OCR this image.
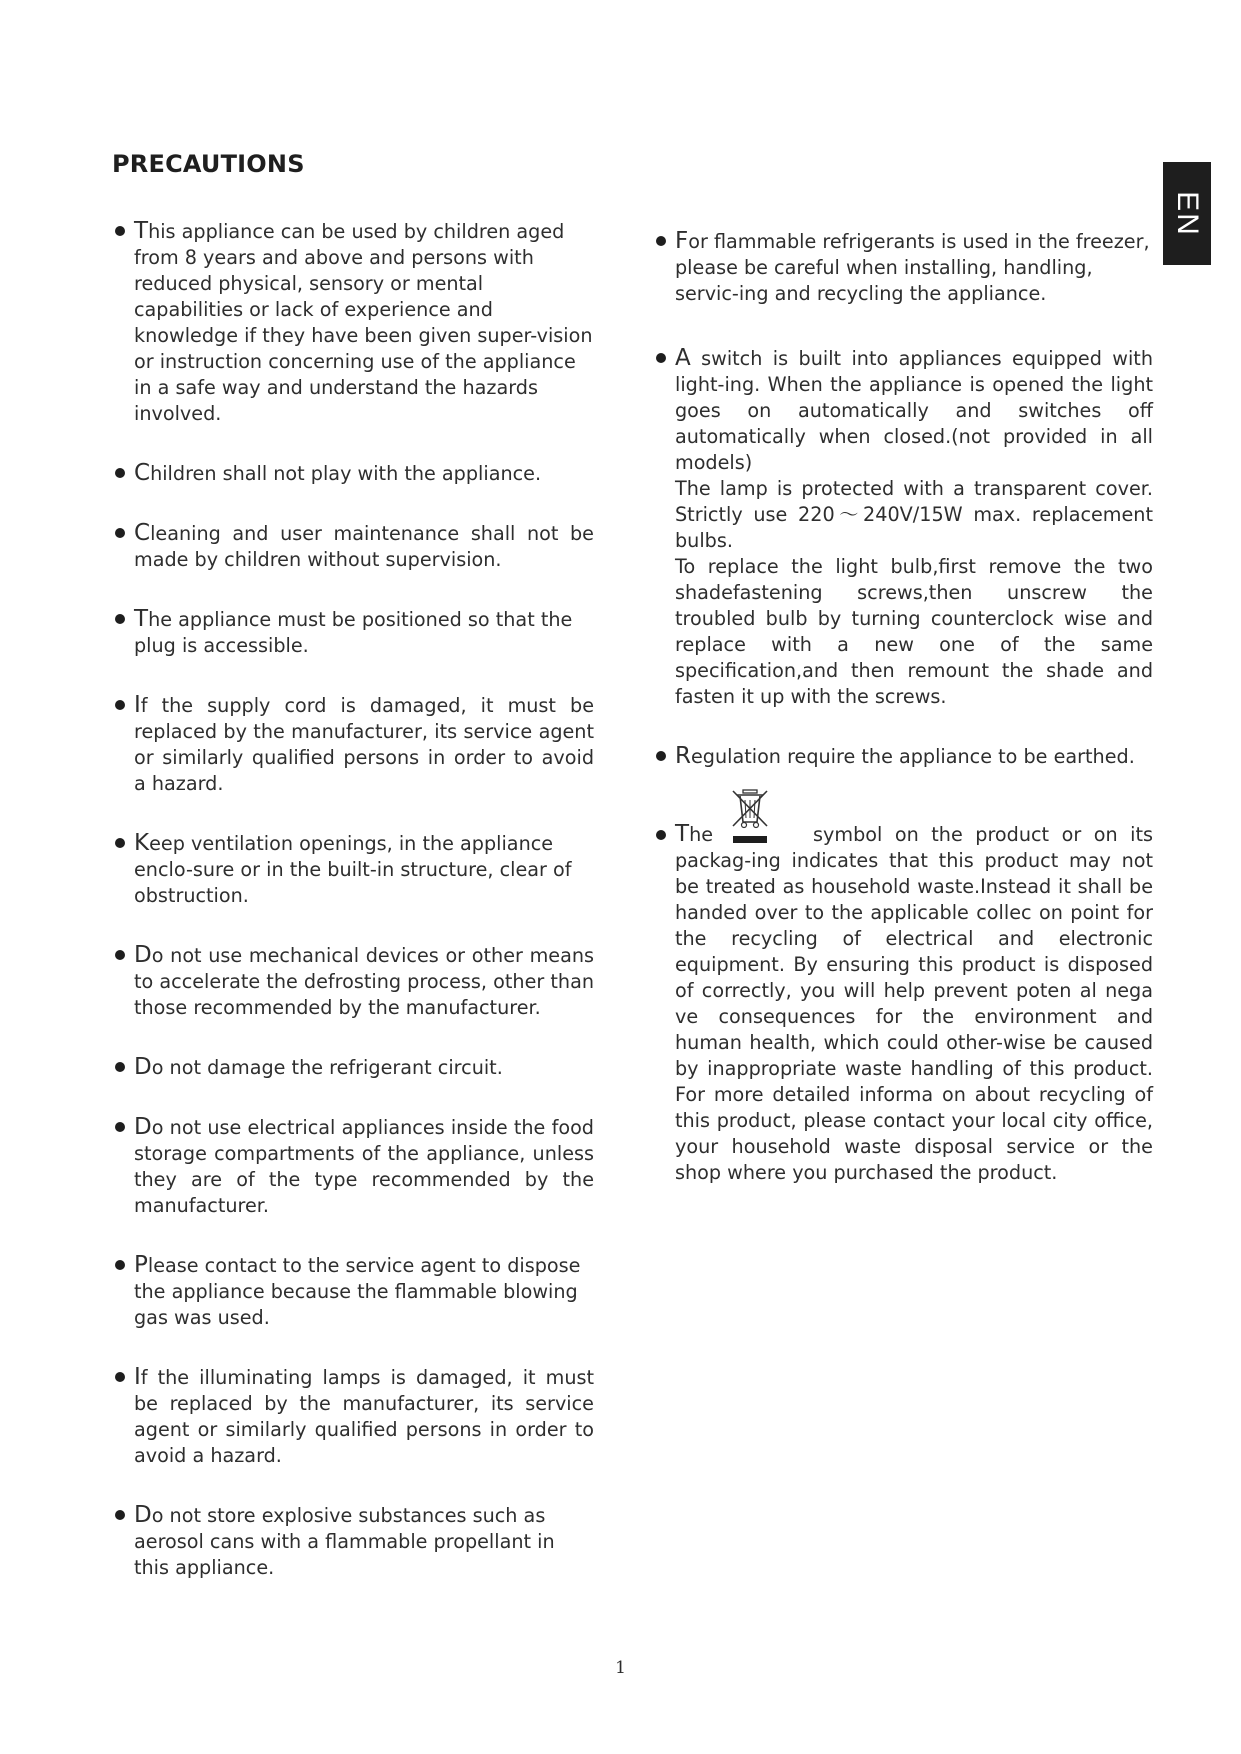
PRECAUTIONS
EN
This appliance can be used by children aged from 8 years and above and persons with reduced physical, sensory or mental capabilities or lack of experience and knowledge if they have been given super-vision or instruction concerning use of the appliance in a safe way and understand the hazards involved.
Children shall not play with the appliance.
Cleaning and user maintenance shall not be made by children without supervision.
The appliance must be positioned so that the plug is accessible.
If the supply cord is damaged, it must be replaced by the manufacturer, its service agent or similarly qualified persons in order to avoid a hazard.
Keep ventilation openings, in the appliance enclo-sure or in the built-in structure, clear of obstruction.
Do not use mechanical devices or other means to accelerate the defrosting process, other than those recommended by the manufacturer.
Do not damage the refrigerant circuit.
Do not use electrical appliances inside the food storage compartments of the appliance, unless they are of the type recommended by the manufacturer.
Please contact to the service agent to dispose the appliance because the flammable blowing gas was used.
If the illuminating lamps is damaged, it must be replaced by the manufacturer, its service agent or similarly qualified persons in order to avoid a hazard.
Do not store explosive substances such as aerosol cans with a flammable propellant in this appliance.
For flammable refrigerants is used in the freezer, please be careful when installing, handling, servic-ing and recycling the appliance.
A switch is built into appliances equipped with light-ing. When the appliance is opened the light goes on automatically and switches off automatically when closed.(not provided in all models)
The lamp is protected with a transparent cover. Strictly use 220～240V/15W max. replacement bulbs.
To replace the light bulb,first remove the two shadefastening screws,then unscrew the troubled bulb by turning counterclock wise and replace with a new one of the same specification,and then remount the shade and fasten it up with the screws.
Regulation require the appliance to be earthed.
The	symbol on the product or on its packag-ing indicates that this product may not be treated as household waste.Instead it shall be handed over to the applicable collec on point for the recycling of electrical and electronic equipment. By ensuring this product is disposed of correctly, you will help prevent poten al nega ve consequences for the environment and human health, which could other-wise be caused by inappropriate waste handling of this product. For more detailed informa on about recycling of this product, please contact your local city office, your household waste disposal service or the shop where you purchased the product.
1
